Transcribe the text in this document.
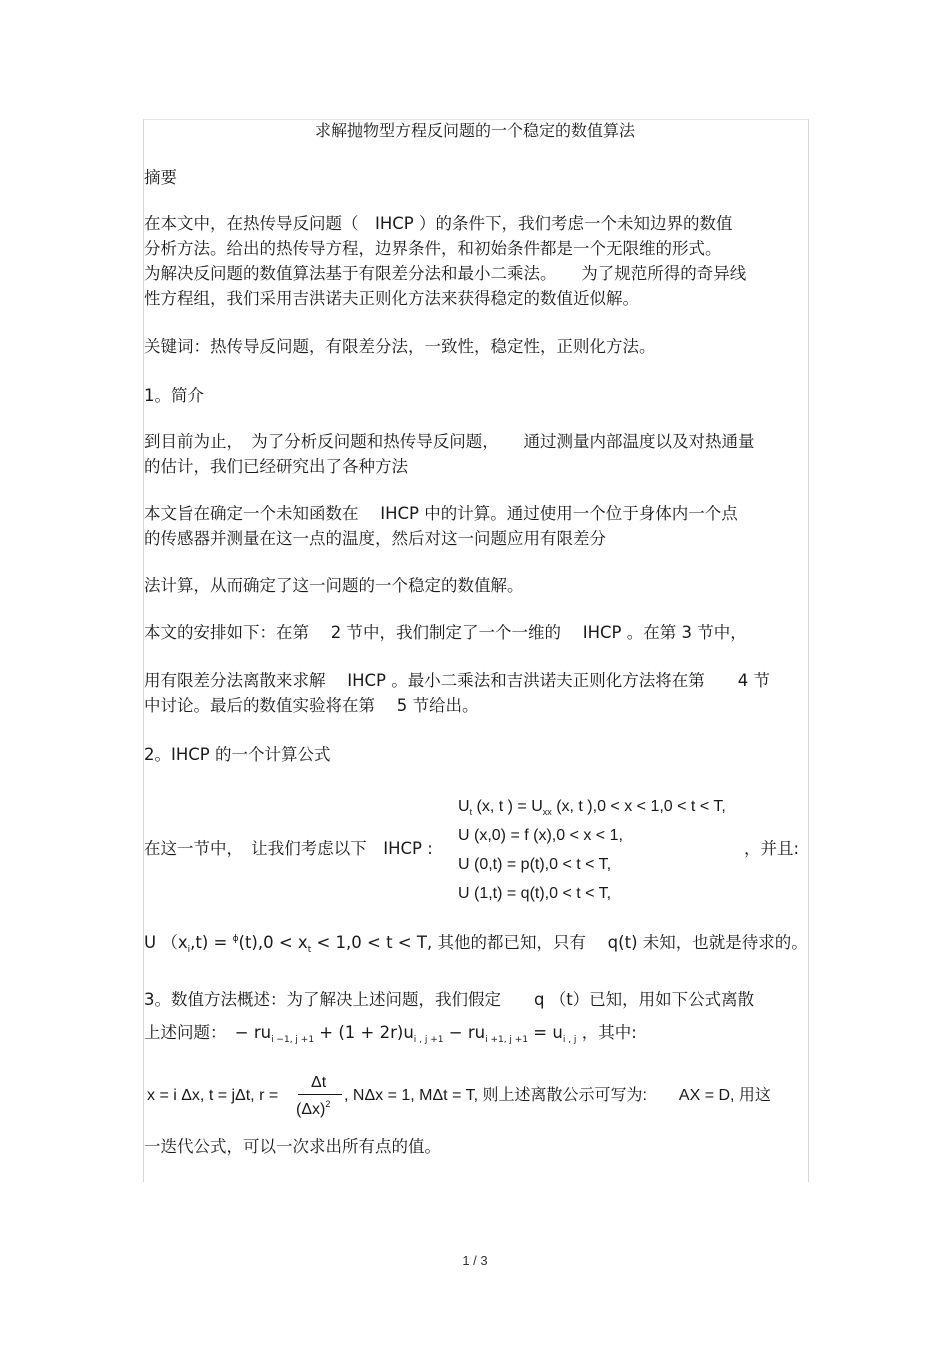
求解抛物型方程反问题的一个稳定的数值算法
摘要
在本文中，在热传导反问题（　IHCP ）的条件下，我们考虑一个未知边界的数值
分析方法。给出的热传导方程，边界条件，和初始条件都是一个无限维的形式。
为解决反问题的数值算法基于有限差分法和最小二乘法。　　为了规范所得的奇异线
性方程组，我们采用吉洪诺夫正则化方法来获得稳定的数值近似解。
关键词：热传导反问题，有限差分法，一致性，稳定性，正则化方法。
1。简介
到目前为止，　为了分析反问题和热传导反问题，　　通过测量内部温度以及对热通量
的估计，我们已经研究出了各种方法
本文旨在确定一个未知函数在　 IHCP 中的计算。通过使用一个位于身体内一个点
的传感器并测量在这一点的温度，然后对这一问题应用有限差分
法计算，从而确定了这一问题的一个稳定的数值解。
本文的安排如下：在第　 2 节中，我们制定了一个一维的　 IHCP 。在第 3 节中，
用有限差分法离散来求解　 IHCP 。最小二乘法和吉洪诺夫正则化方法将在第　　4 节
中讨论。最后的数值实验将在第　 5 节给出。
2。IHCP 的一个计算公式
在这一节中，　让我们考虑以下　IHCP :
$U_t$ (x, t ) = $U_{xx}$ (x, t ),0 < x < 1,0 < t < T,
U (x,0) = f (x),0 < x < 1,
U (0,t) = p(t),0 < t < T,
U (1,t) = q(t),0 < t < T,
，并且:
U $(x_i,t) = ^\phi(t),0 < x_t < 1,0 < t < T$, 其他的都已知，只有　 q(t) 未知，也就是待求的。
3。数值方法概述：为了解决上述问题，我们假定　　q （t）已知，用如下公式离散
上述问题：　 − $ru_{i -1, j +1} + (1 + 2r)u_{i , j +1} - ru_{i +1, j +1} = u_{i , j}$ ，其中:
x = i Δx, t = jΔt, r =
Δt
$(\Delta x)^2$ , NΔx = 1, MΔt = T, 则上述离散公示可写为:　　AX = D, 用这
一迭代公式，可以一次求出所有点的值。
1 / 3
